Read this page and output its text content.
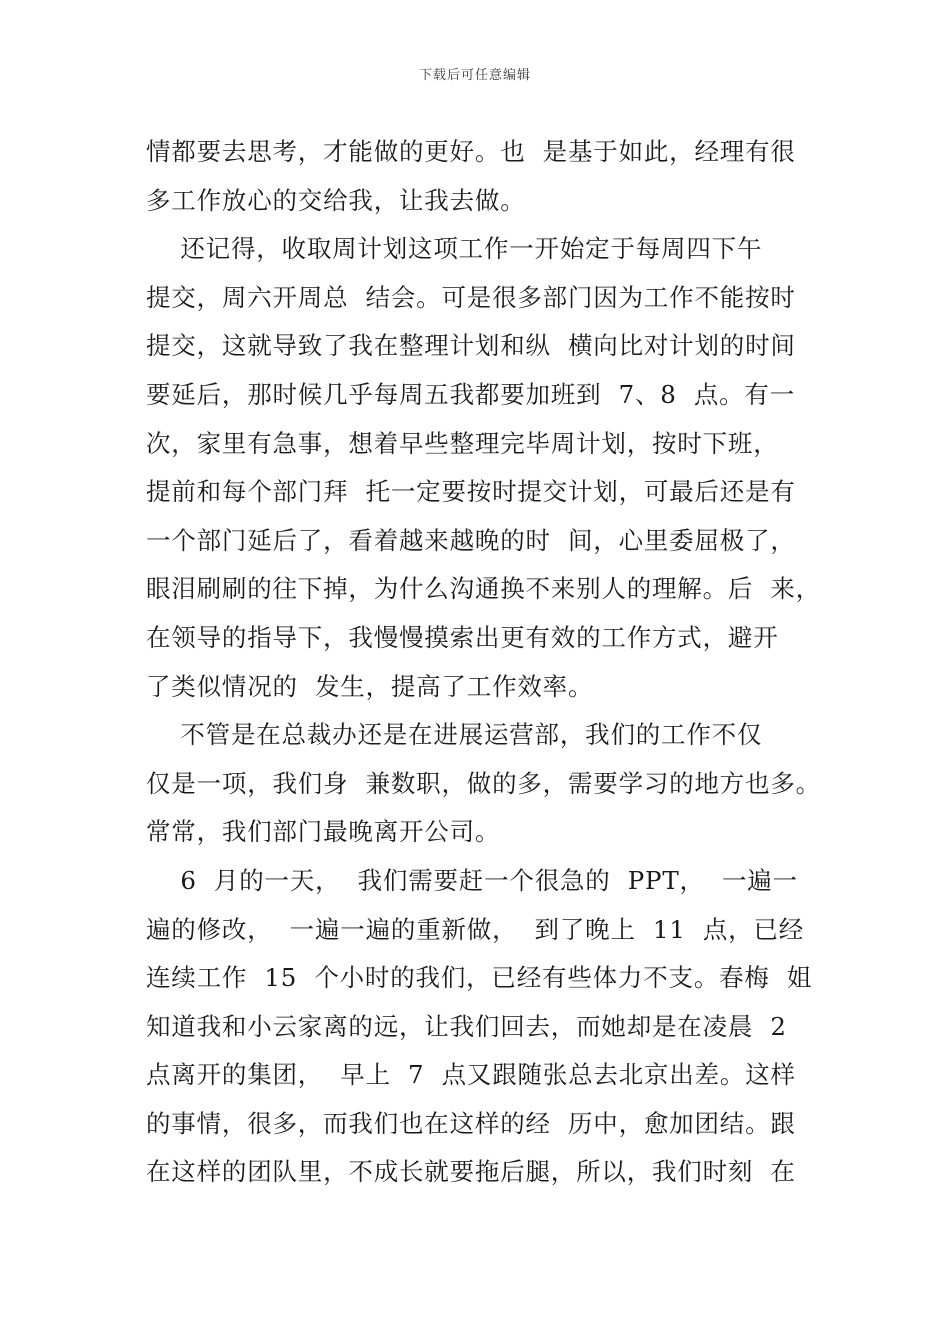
下载后可任意编辑
情都要去思考，才能做的更好。也  是基于如此，经理有很
多工作放心的交给我，让我去做。
还记得，收取周计划这项工作一开始定于每周四下午
提交，周六开周总  结会。可是很多部门因为工作不能按时
提交，这就导致了我在整理计划和纵  横向比对计划的时间
要延后，那时候几乎每周五我都要加班到  7、8  点。有一
次，家里有急事，想着早些整理完毕周计划，按时下班，
提前和每个部门拜  托一定要按时提交计划，可最后还是有
一个部门延后了，看着越来越晚的时  间，心里委屈极了，
眼泪刷刷的往下掉，为什么沟通换不来别人的理解。后  来，
在领导的指导下，我慢慢摸索出更有效的工作方式，避开
了类似情况的  发生，提高了工作效率。
不管是在总裁办还是在进展运营部，我们的工作不仅
仅是一项，我们身  兼数职，做的多，需要学习的地方也多。
常常，我们部门最晚离开公司。
6  月的一天，  我们需要赶一个很急的  PPT，  一遍一
遍的修改，  一遍一遍的重新做，  到了晚上  11  点，已经
连续工作  15  个小时的我们，已经有些体力不支。春梅  姐
知道我和小云家离的远，让我们回去，而她却是在凌晨  2
点离开的集团，  早上  7  点又跟随张总去北京出差。这样
的事情，很多，而我们也在这样的经  历中，愈加团结。跟
在这样的团队里，不成长就要拖后腿，所以，我们时刻  在
